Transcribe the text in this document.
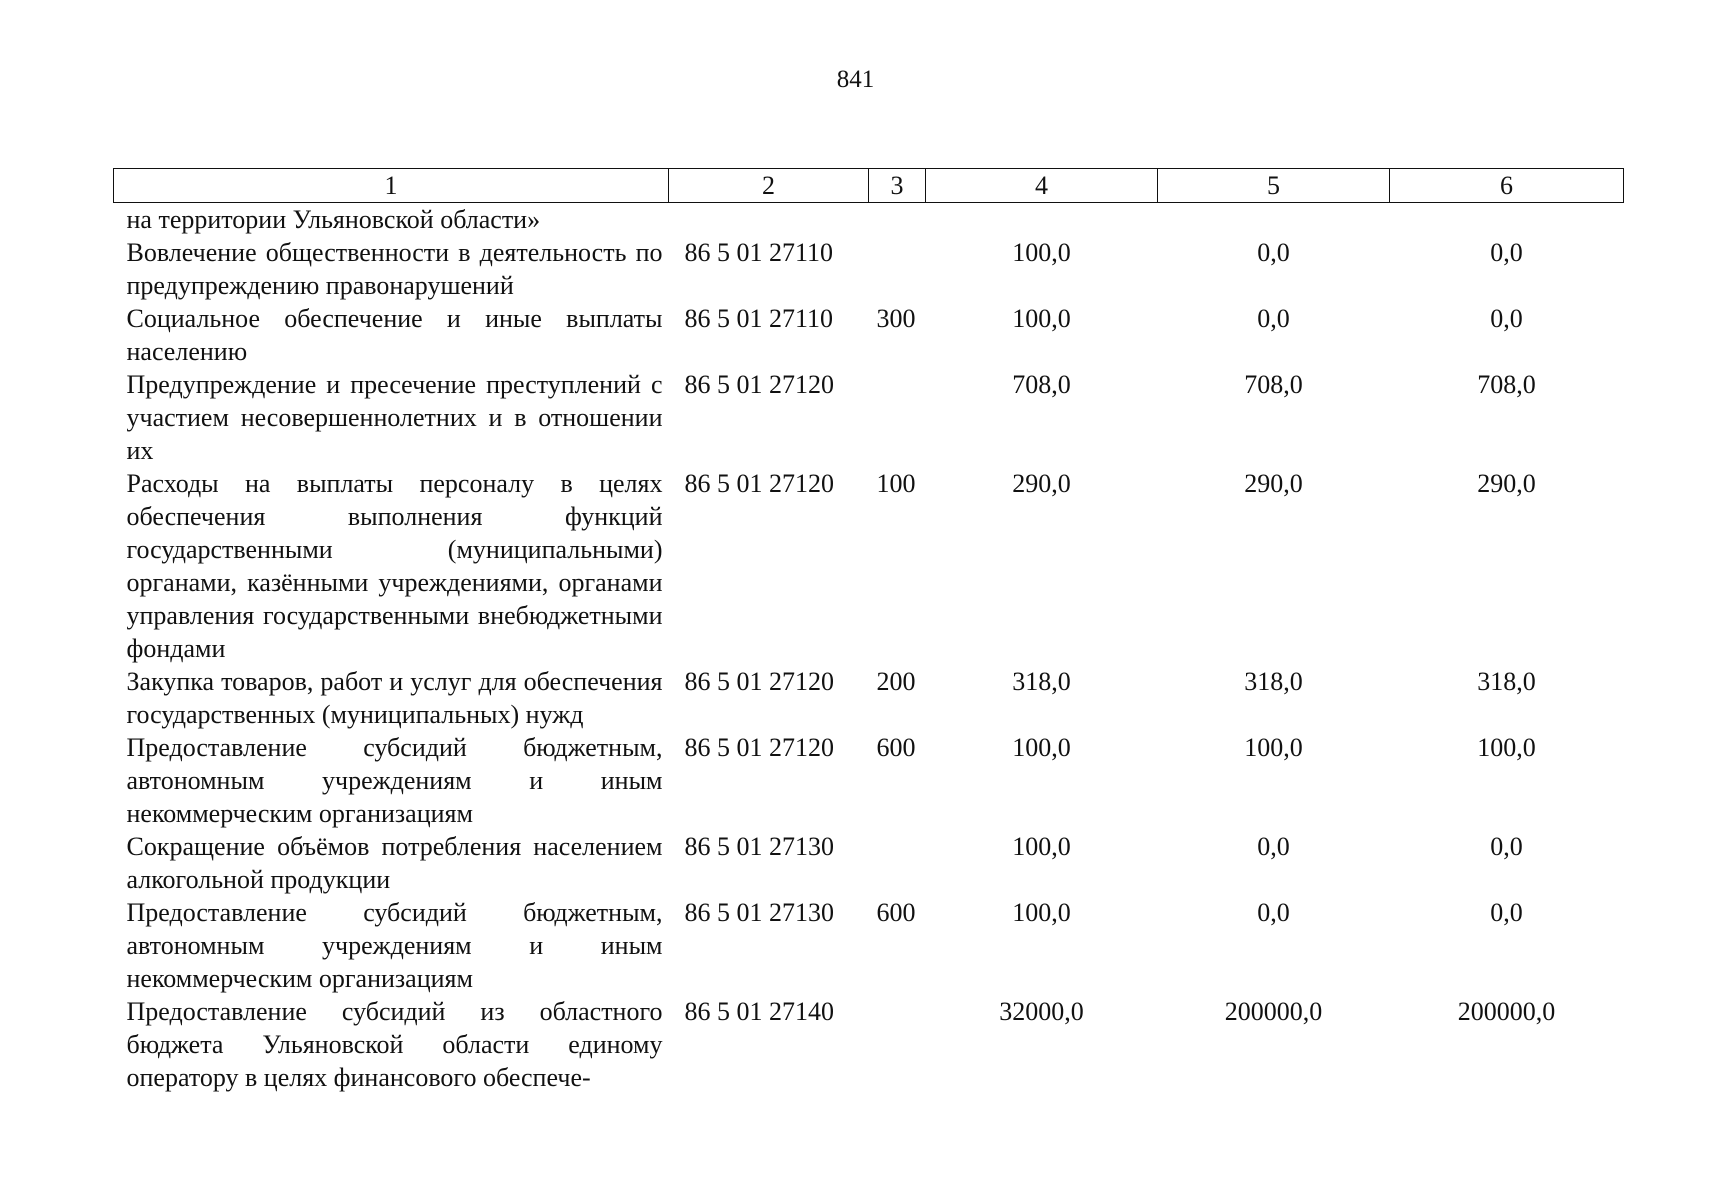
841
1	2	3	4	5	6
на территории Ульяновской области»					
Вовлечение общественности в деятельность по предупреждению правонарушений	86 5 01 27110		100,0	0,0	0,0
Социальное обеспечение и иные выплаты населению	86 5 01 27110	300	100,0	0,0	0,0
Предупреждение и пресечение преступлений с участием несовершеннолетних и в отношении их	86 5 01 27120		708,0	708,0	708,0
Расходы на выплаты персоналу в целях обеспечения выполнения функций государственными (муниципальными) органами, казёнными учреждениями, органами управления государственными внебюджетными фондами	86 5 01 27120	100	290,0	290,0	290,0
Закупка товаров, работ и услуг для обеспечения государственных (муниципальных) нужд	86 5 01 27120	200	318,0	318,0	318,0
Предоставление субсидий бюджетным, автономным учреждениям и иным некоммерческим организациям	86 5 01 27120	600	100,0	100,0	100,0
Сокращение объёмов потребления населением алкогольной продукции	86 5 01 27130		100,0	0,0	0,0
Предоставление субсидий бюджетным, автономным учреждениям и иным некоммерческим организациям	86 5 01 27130	600	100,0	0,0	0,0
Предоставление субсидий из областного бюджета Ульяновской области единому оператору в целях финансового обеспече-	86 5 01 27140		32000,0	200000,0	200000,0
